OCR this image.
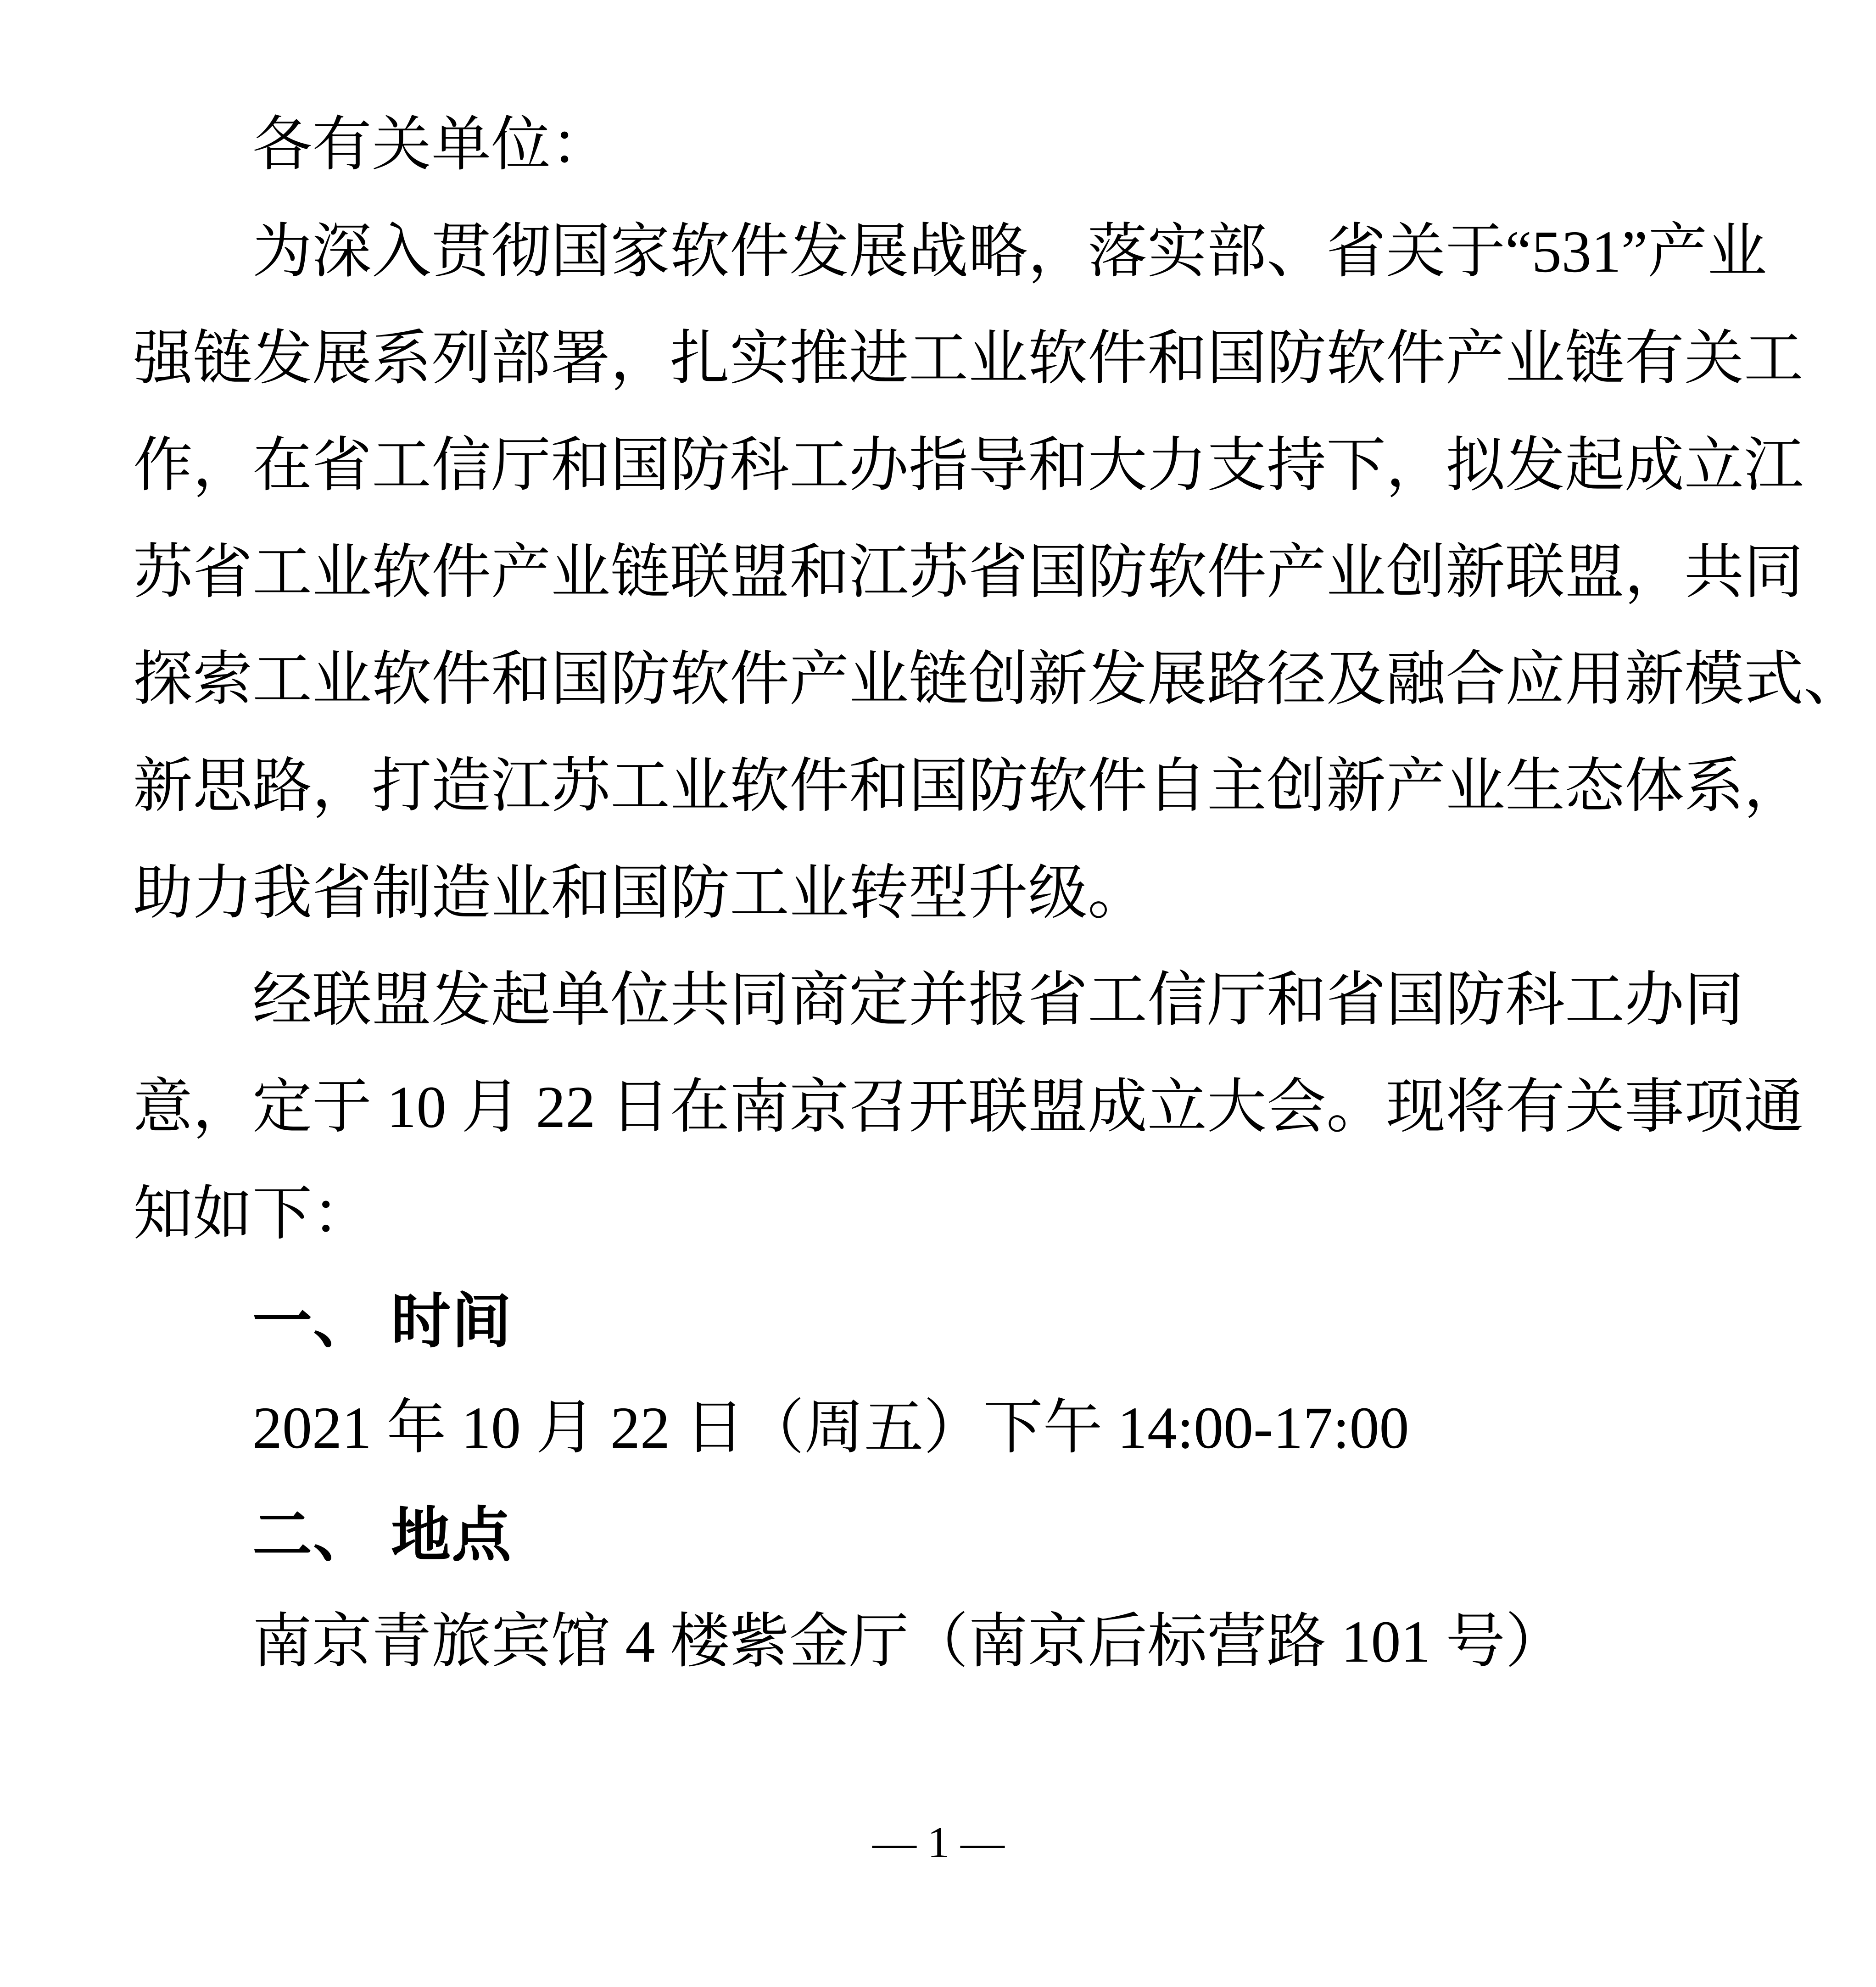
各有关单位：
为深入贯彻国家软件发展战略，落实部、省关于“531”产业
强链发展系列部署，扎实推进工业软件和国防软件产业链有关工
作，在省工信厅和国防科工办指导和大力支持下，拟发起成立江
苏省工业软件产业链联盟和江苏省国防软件产业创新联盟，共同
探索工业软件和国防软件产业链创新发展路径及融合应用新模式、
新思路，打造江苏工业软件和国防软件自主创新产业生态体系，
助力我省制造业和国防工业转型升级。
经联盟发起单位共同商定并报省工信厅和省国防科工办同
意，定于 10 月 22 日在南京召开联盟成立大会。现将有关事项通
知如下：
一、 时间
2021 年 10 月 22 日（周五）下午 14:00-17:00
二、 地点
南京青旅宾馆 4 楼紫金厅（南京后标营路 101 号）
— 1 —
